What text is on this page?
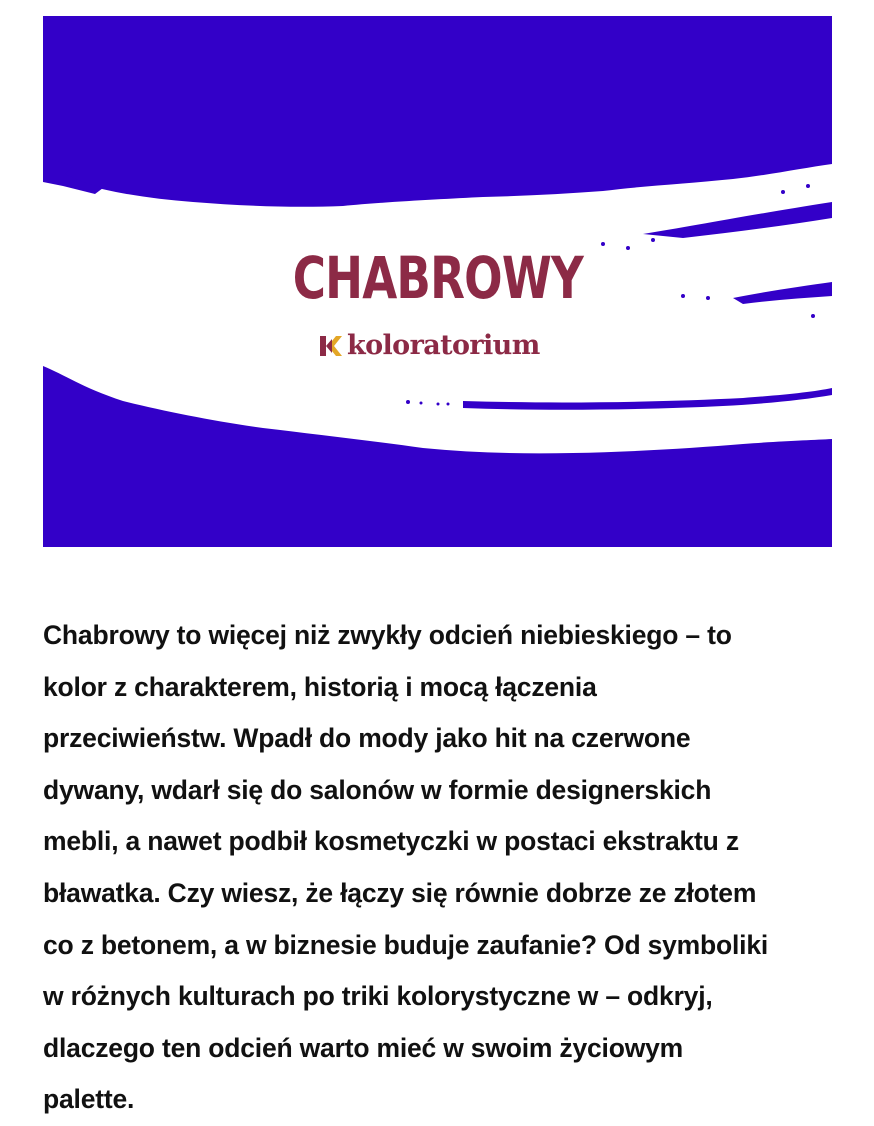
CHABROWY
koloratorium

Chabrowy to więcej niż zwykły odcień niebieskiego – to
kolor z charakterem, historią i mocą łączenia
przeciwieństw. Wpadł do mody jako hit na czerwone
dywany, wdarł się do salonów w formie designerskich
mebli, a nawet podbił kosmetyczki w postaci ekstraktu z
bławatka. Czy wiesz, że łączy się równie dobrze ze złotem
co z betonem, a w biznesie buduje zaufanie? Od symboliki
w różnych kulturach po triki kolorystyczne w – odkryj,
dlaczego ten odcień warto mieć w swoim życiowym
palette.
